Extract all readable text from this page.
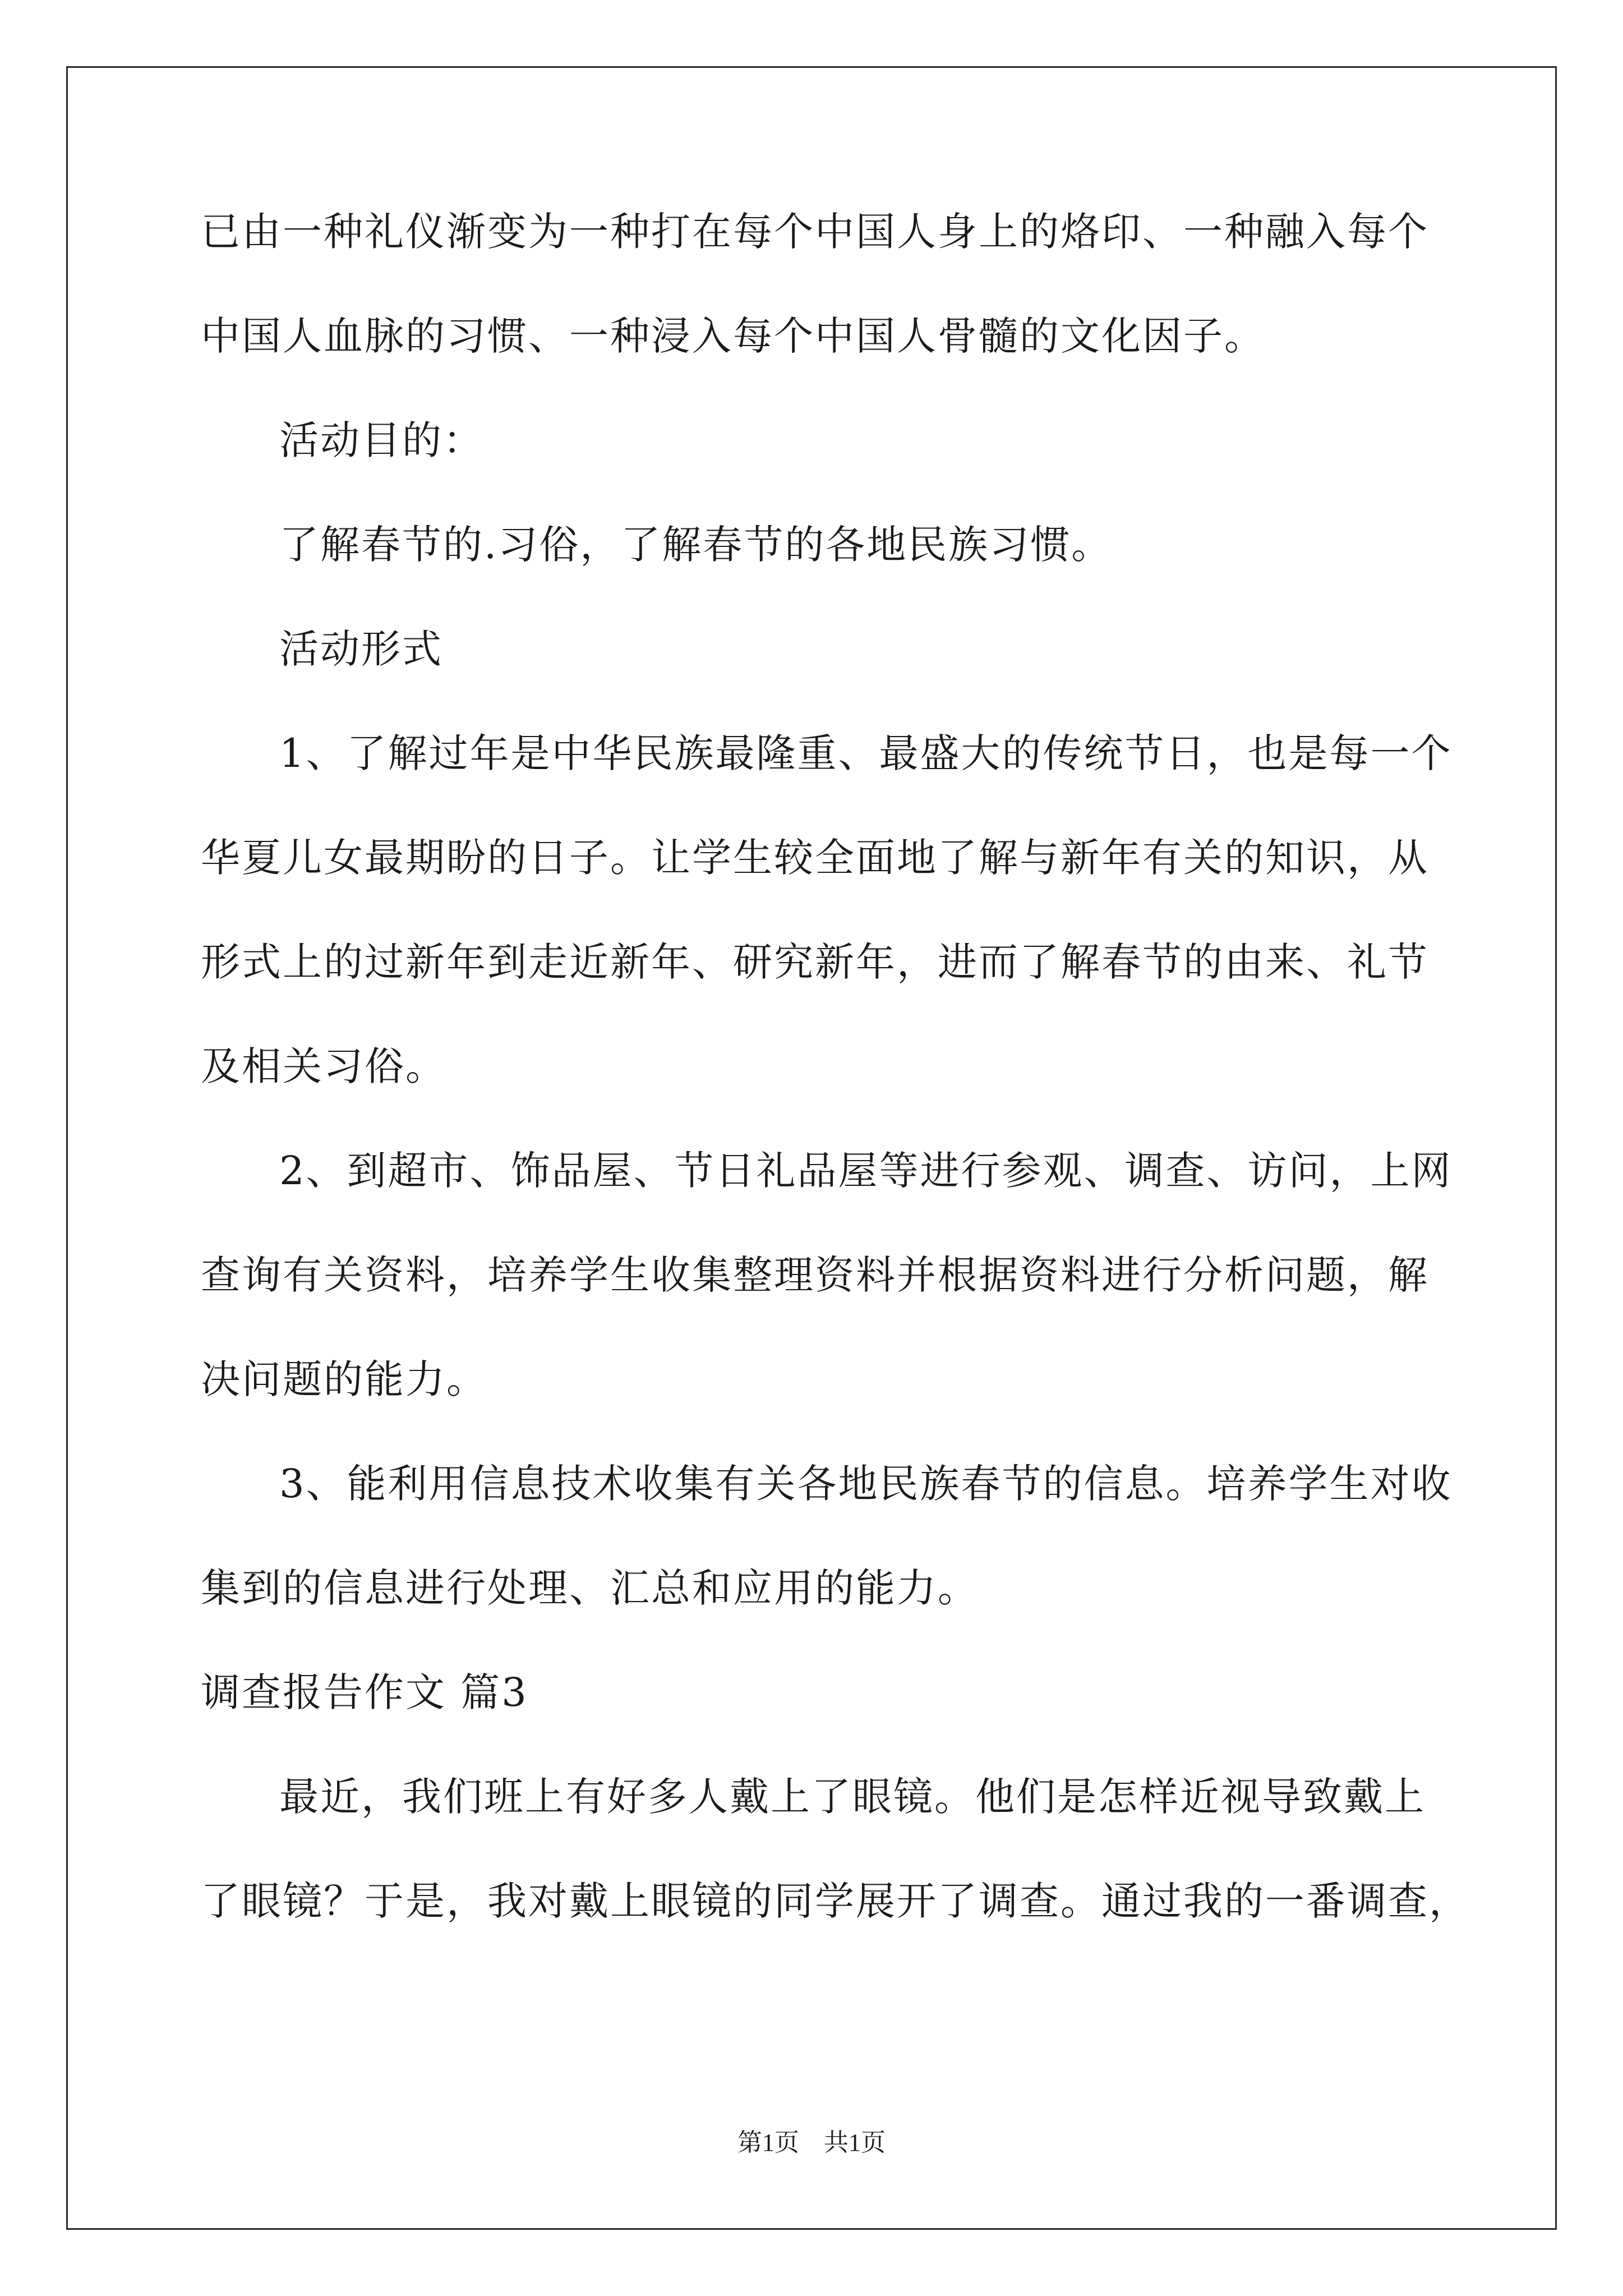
已由一种礼仪渐变为一种打在每个中国人身上的烙印、一种融入每个

中国人血脉的习惯、一种浸入每个中国人骨髓的文化因子。

活动目的：

了解春节的.习俗，了解春节的各地民族习惯。

活动形式

1、了解过年是中华民族最隆重、最盛大的传统节日，也是每一个

华夏儿女最期盼的日子。让学生较全面地了解与新年有关的知识，从

形式上的过新年到走近新年、研究新年，进而了解春节的由来、礼节

及相关习俗。

2、到超市、饰品屋、节日礼品屋等进行参观、调查、访问，上网

查询有关资料，培养学生收集整理资料并根据资料进行分析问题，解

决问题的能力。

3、能利用信息技术收集有关各地民族春节的信息。培养学生对收

集到的信息进行处理、汇总和应用的能力。

调查报告作文 篇3

最近，我们班上有好多人戴上了眼镜。他们是怎样近视导致戴上

了眼镜？于是，我对戴上眼镜的同学展开了调查。通过我的一番调查，

第1页　共1页
